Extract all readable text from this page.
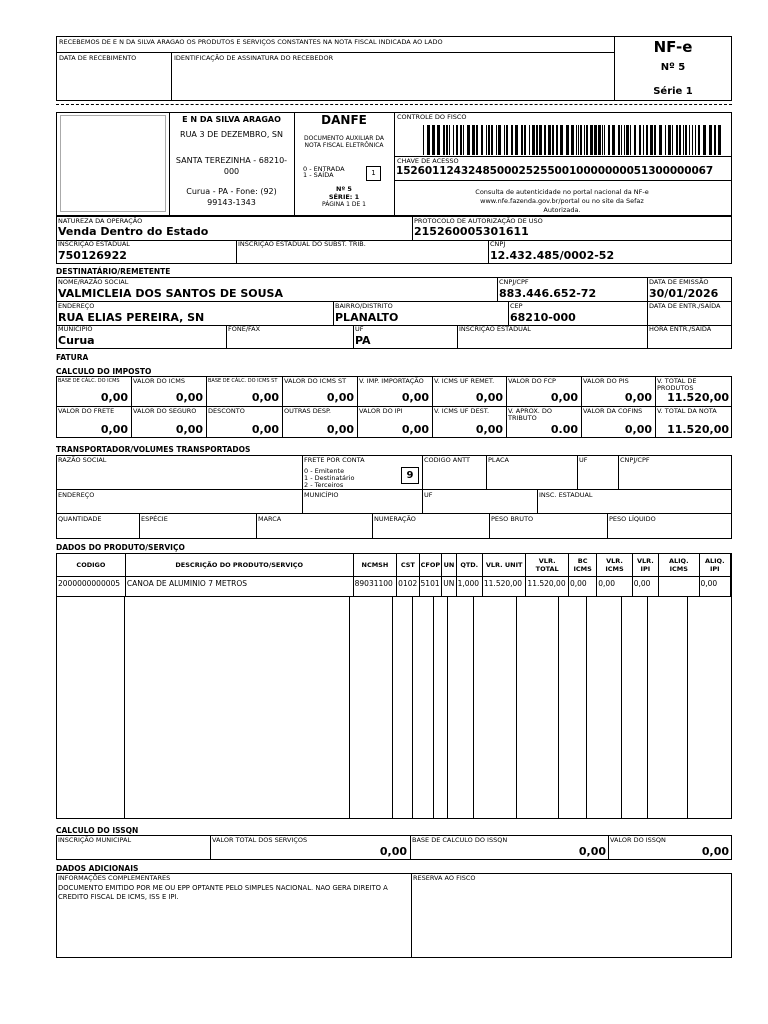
RECEBEMOS DE E N DA SILVA ARAGAO OS PRODUTOS E SERVIÇOS CONSTANTES NA NOTA FISCAL INDICADA AO LADO
DATA DE RECEBIMENTO	IDENTIFICAÇÃO DE ASSINATURA DO RECEBEDOR
NF-e
Nº 5
Série 1
E N DA SILVA ARAGAO
RUA 3 DE DEZEMBRO, SN
SANTA TEREZINHA - 68210-000
Curua - PA - Fone: (92) 99143-1343
DANFE
DOCUMENTO AUXILIAR DA NOTA FISCAL ELETRÔNICA
0 - ENTRADA
1 - SAÍDA	1
Nº 5
SÉRIE: 1
PÁGINA 1 DE 1
CONTROLE DO FISCO
CHAVE DE ACESSO
15260112432485000252550010000000051300000067
Consulta de autenticidade no portal nacional da NF-e www.nfe.fazenda.gov.br/portal ou no site da Sefaz Autorizada.
NATUREZA DA OPERAÇÃO
Venda Dentro do Estado
PROTOCOLO DE AUTORIZAÇÃO DE USO
215260005301611
INSCRIÇÃO ESTADUAL
750126922
INSCRIÇÃO ESTADUAL DO SUBST. TRIB.	CNPJ
12.432.485/0002-52
DESTINATÁRIO/REMETENTE
NOME/RAZÃO SOCIAL
VALMICLEIA DOS SANTOS DE SOUSA
CNPJ/CPF
883.446.652-72
DATA DE EMISSÃO
30/01/2026
ENDEREÇO
RUA ELIAS PEREIRA, SN
BAIRRO/DISTRITO
PLANALTO
CEP
68210-000
DATA DE ENTR./SAÍDA
MUNICÍPIO
Curua
FONE/FAX	UF
PA
INSCRIÇÃO ESTADUAL	HORA ENTR./SAÍDA
FATURA
CALCULO DO IMPOSTO
BASE DE CÁLC. DO ICMS
0,00
VALOR DO ICMS
0,00
BASE DE CÁLC. DO ICMS ST
0,00
VALOR DO ICMS ST
0,00
V. IMP. IMPORTAÇÃO
0,00
V. ICMS UF REMET.
0,00
VALOR DO FCP
0,00
VALOR DO PIS
0,00
V. TOTAL DE PRODUTOS
11.520,00
VALOR DO FRETE
0,00
VALOR DO SEGURO
0,00
DESCONTO
0,00
OUTRAS DESP.
0,00
VALOR DO IPI
0,00
V. ICMS UF DEST.
0,00
V. APROX. DO TRIBUTO
0.00
VALOR DA COFINS
0,00
V. TOTAL DA NOTA
11.520,00
TRANSPORTADOR/VOLUMES TRANSPORTADOS
RAZÃO SOCIAL	FRETE POR CONTA
0 - Emitente
1 - Destinatário
2 - Terceiros
9
CODIGO ANTT	PLACA	UF	CNPJ/CPF
ENDEREÇO	MUNICÍPIO	UF	INSC. ESTADUAL
QUANTIDADE	ESPÉCIE	MARCA	NUMERAÇÃO	PESO BRUTO	PESO LÍQUIDO
DADOS DO PRODUTO/SERVIÇO
CODIGO	DESCRIÇÃO DO PRODUTO/SERVIÇO	NCMSH	CST	CFOP	UN	QTD.	VLR. UNIT	VLR. TOTAL	BC ICMS	VLR. ICMS	VLR. IPI	ALIQ. ICMS	ALIQ. IPI
2000000000005	CANOA DE ALUMINIO 7 METROS	89031100	0102	5101	UN	1,000	11.520,00	11.520,00	0,00	0,00	0,00		0,00
CALCULO DO ISSQN
INSCRIÇÃO MUNICIPAL	VALOR TOTAL DOS SERVIÇOS
0,00
BASE DE CALCULO DO ISSQN
0,00
VALOR DO ISSQN
0,00
DADOS ADICIONAIS
INFORMAÇÕES COMPLEMENTARES
DOCUMENTO EMITIDO POR ME OU EPP OPTANTE PELO SIMPLES NACIONAL. NAO GERA DIREITO A CREDITO FISCAL DE ICMS, ISS E IPI.
RESERVA AO FISCO
